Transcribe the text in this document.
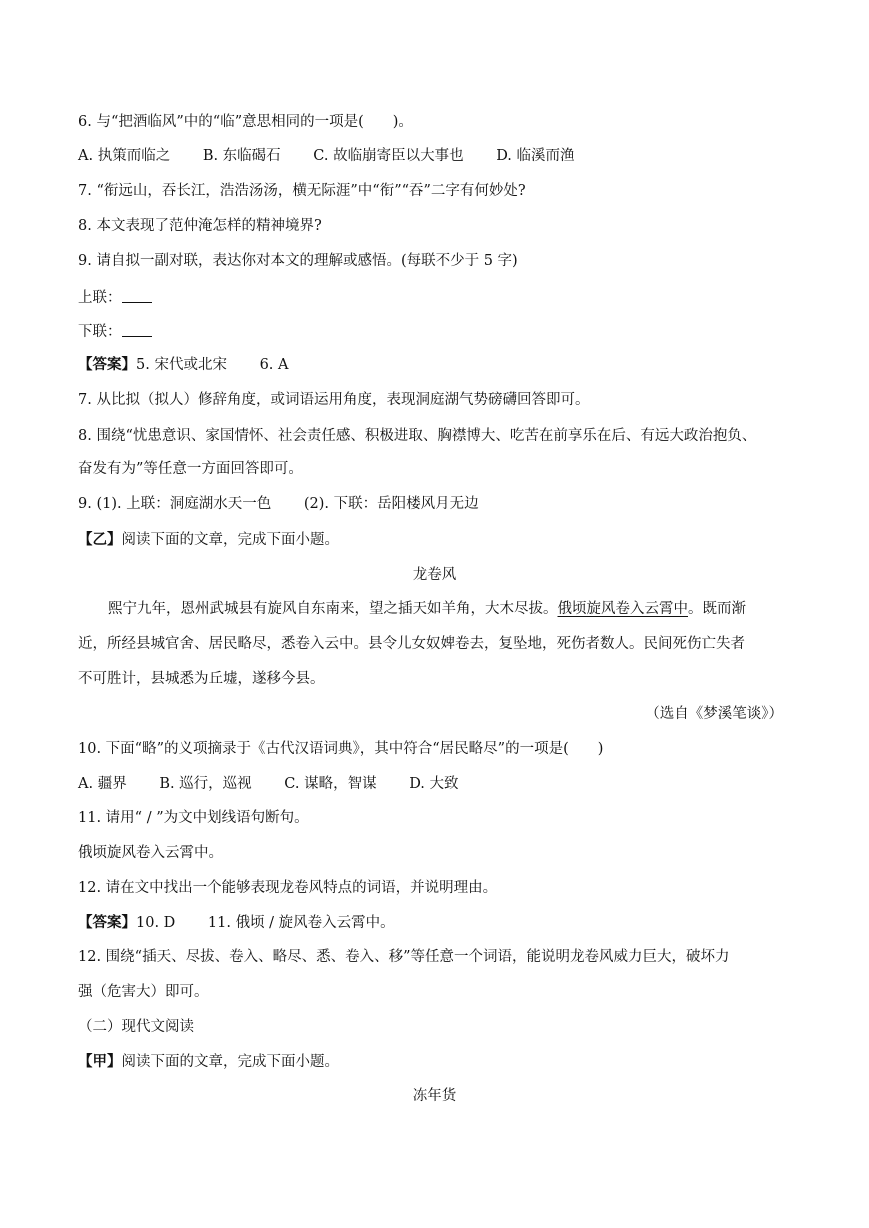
6. 与“把酒临风”中的“临”意思相同的一项是(　　)。
A. 执策而临之 B. 东临碣石 C. 故临崩寄臣以大事也 D. 临溪而渔
7. “衔远山，吞长江，浩浩汤汤，横无际涯”中“衔”“吞”二字有何妙处?
8. 本文表现了范仲淹怎样的精神境界?
9. 请自拟一副对联，表达你对本文的理解或感悟。(每联不少于 5 字)
上联：
下联：
【答案】5. 宋代或北宋 6. A
7. 从比拟（拟人）修辞角度，或词语运用角度，表现洞庭湖气势磅礴回答即可。
8. 围绕“忧患意识、家国情怀、社会责任感、积极进取、胸襟博大、吃苦在前享乐在后、有远大政治抱负、
奋发有为”等任意一方面回答即可。
9. (1). 上联：洞庭湖水天一色 (2). 下联：岳阳楼风月无边
【乙】阅读下面的文章，完成下面小题。
龙卷风
熙宁九年，恩州武城县有旋风自东南来，望之插天如羊角，大木尽拔。俄顷旋风卷入云霄中。既而渐
近，所经县城官舍、居民略尽，悉卷入云中。县令儿女奴婢卷去，复坠地，死伤者数人。民间死伤亡失者
不可胜计，县城悉为丘墟，遂移今县。
（选自《梦溪笔谈》）
10. 下面“略”的义项摘录于《古代汉语词典》，其中符合“居民略尽”的一项是(　　)
A. 疆界 B. 巡行，巡视 C. 谋略，智谋 D. 大致
11. 请用“ / ”为文中划线语句断句。
俄顷旋风卷入云霄中。
12. 请在文中找出一个能够表现龙卷风特点的词语，并说明理由。
【答案】10. D 11. 俄顷 / 旋风卷入云霄中。
12. 围绕“插天、尽拔、卷入、略尽、悉、卷入、移”等任意一个词语，能说明龙卷风威力巨大，破坏力
强（危害大）即可。
（二）现代文阅读
【甲】阅读下面的文章，完成下面小题。
冻年货
